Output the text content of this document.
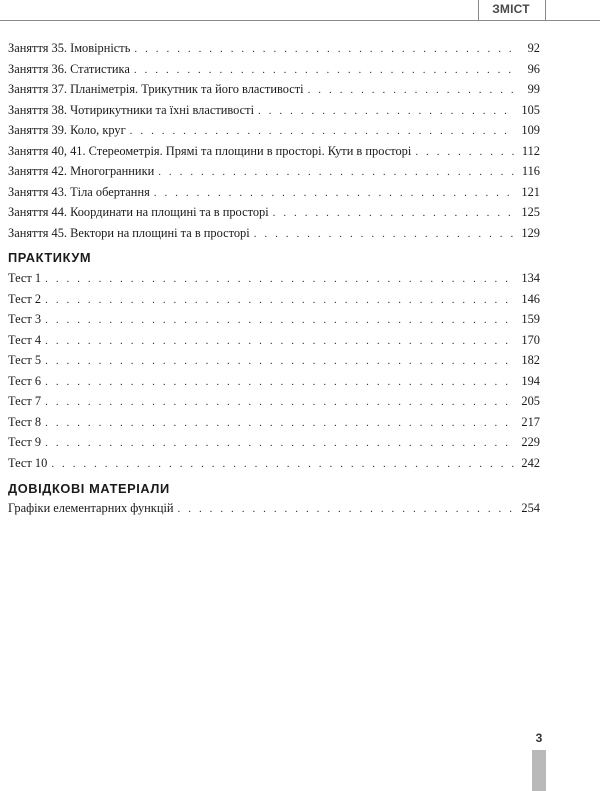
ЗМІСТ
Заняття 35. Імовірність . . .	92
Заняття 36. Статистика . . .	96
Заняття 37. Планіметрія. Трикутник та його властивості . . .	99
Заняття 38. Чотирикутники та їхні властивості . . .	105
Заняття 39. Коло, круг . . .	109
Заняття 40, 41. Стереометрія. Прямі та площини в просторі. Кути в просторі . . .	112
Заняття 42. Многогранники . . .	116
Заняття 43. Тіла обертання . . .	121
Заняття 44. Координати на площині та в просторі . . .	125
Заняття 45. Вектори на площині та в просторі . . .	129
ПРАКТИКУМ
Тест 1 . . .	134
Тест 2 . . .	146
Тест 3 . . .	159
Тест 4 . . .	170
Тест 5 . . .	182
Тест 6 . . .	194
Тест 7 . . .	205
Тест 8 . . .	217
Тест 9 . . .	229
Тест 10 . . .	242
ДОВІДКОВІ МАТЕРІАЛИ
Графіки елементарних функцій . . .	254
3
